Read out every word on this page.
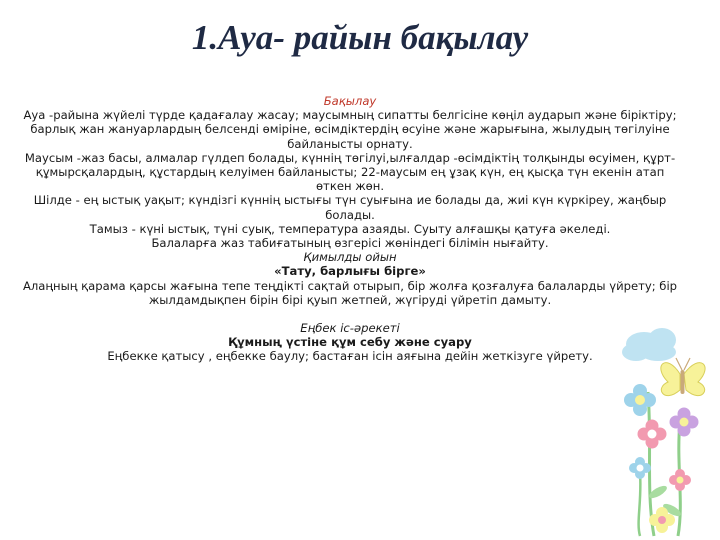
1.Ауа- райын бақылау

Бақылау

Ауа -райына жүйелі түрде қадағалау жасау; маусымның сипатты белгісіне көңіл аударып және біріктіру; барлық жан жануарлардың белсенді өміріне, өсімдіктердің өсуіне және жарығына, жылудың төгілуіне байланысты орнату.

Маусым -жаз басы, алмалар гүлдеп болады, күннің төгілуі,ылғалдар -өсімдіктің толқынды өсуімен, құрт- құмырсқалардың, құстардың келуімен байланысты; 22-маусым ең ұзақ күн, ең қысқа түн екенін атап өткен жөн.

Шілде - ең ыстық уақыт; күндізгі күннің ыстығы түн суығына ие болады да, жиі күн күркіреу, жаңбыр болады.

Тамыз - күні ыстық, түні суық, температура азаяды. Суыту алғашқы қатуға әкеледі.

Балаларға жаз табиғатының өзгерісі жөніндегі білімін нығайту.

Қимылды ойын

«Тату, барлығы бірге»

Алаңның қарама қарсы жағына тепе теңдікті сақтай отырып, бір жолға қозғалуға балаларды үйрету; бір жылдамдықпен бірін бірі қуып жетпей, жүгіруді үйретіп дамыту.

Еңбек іс-әрекеті

Құмның үстіне құм себу және суару

Еңбекке қатысу , еңбекке баулу; бастаған ісін аяғына дейін жеткізуге үйрету.
